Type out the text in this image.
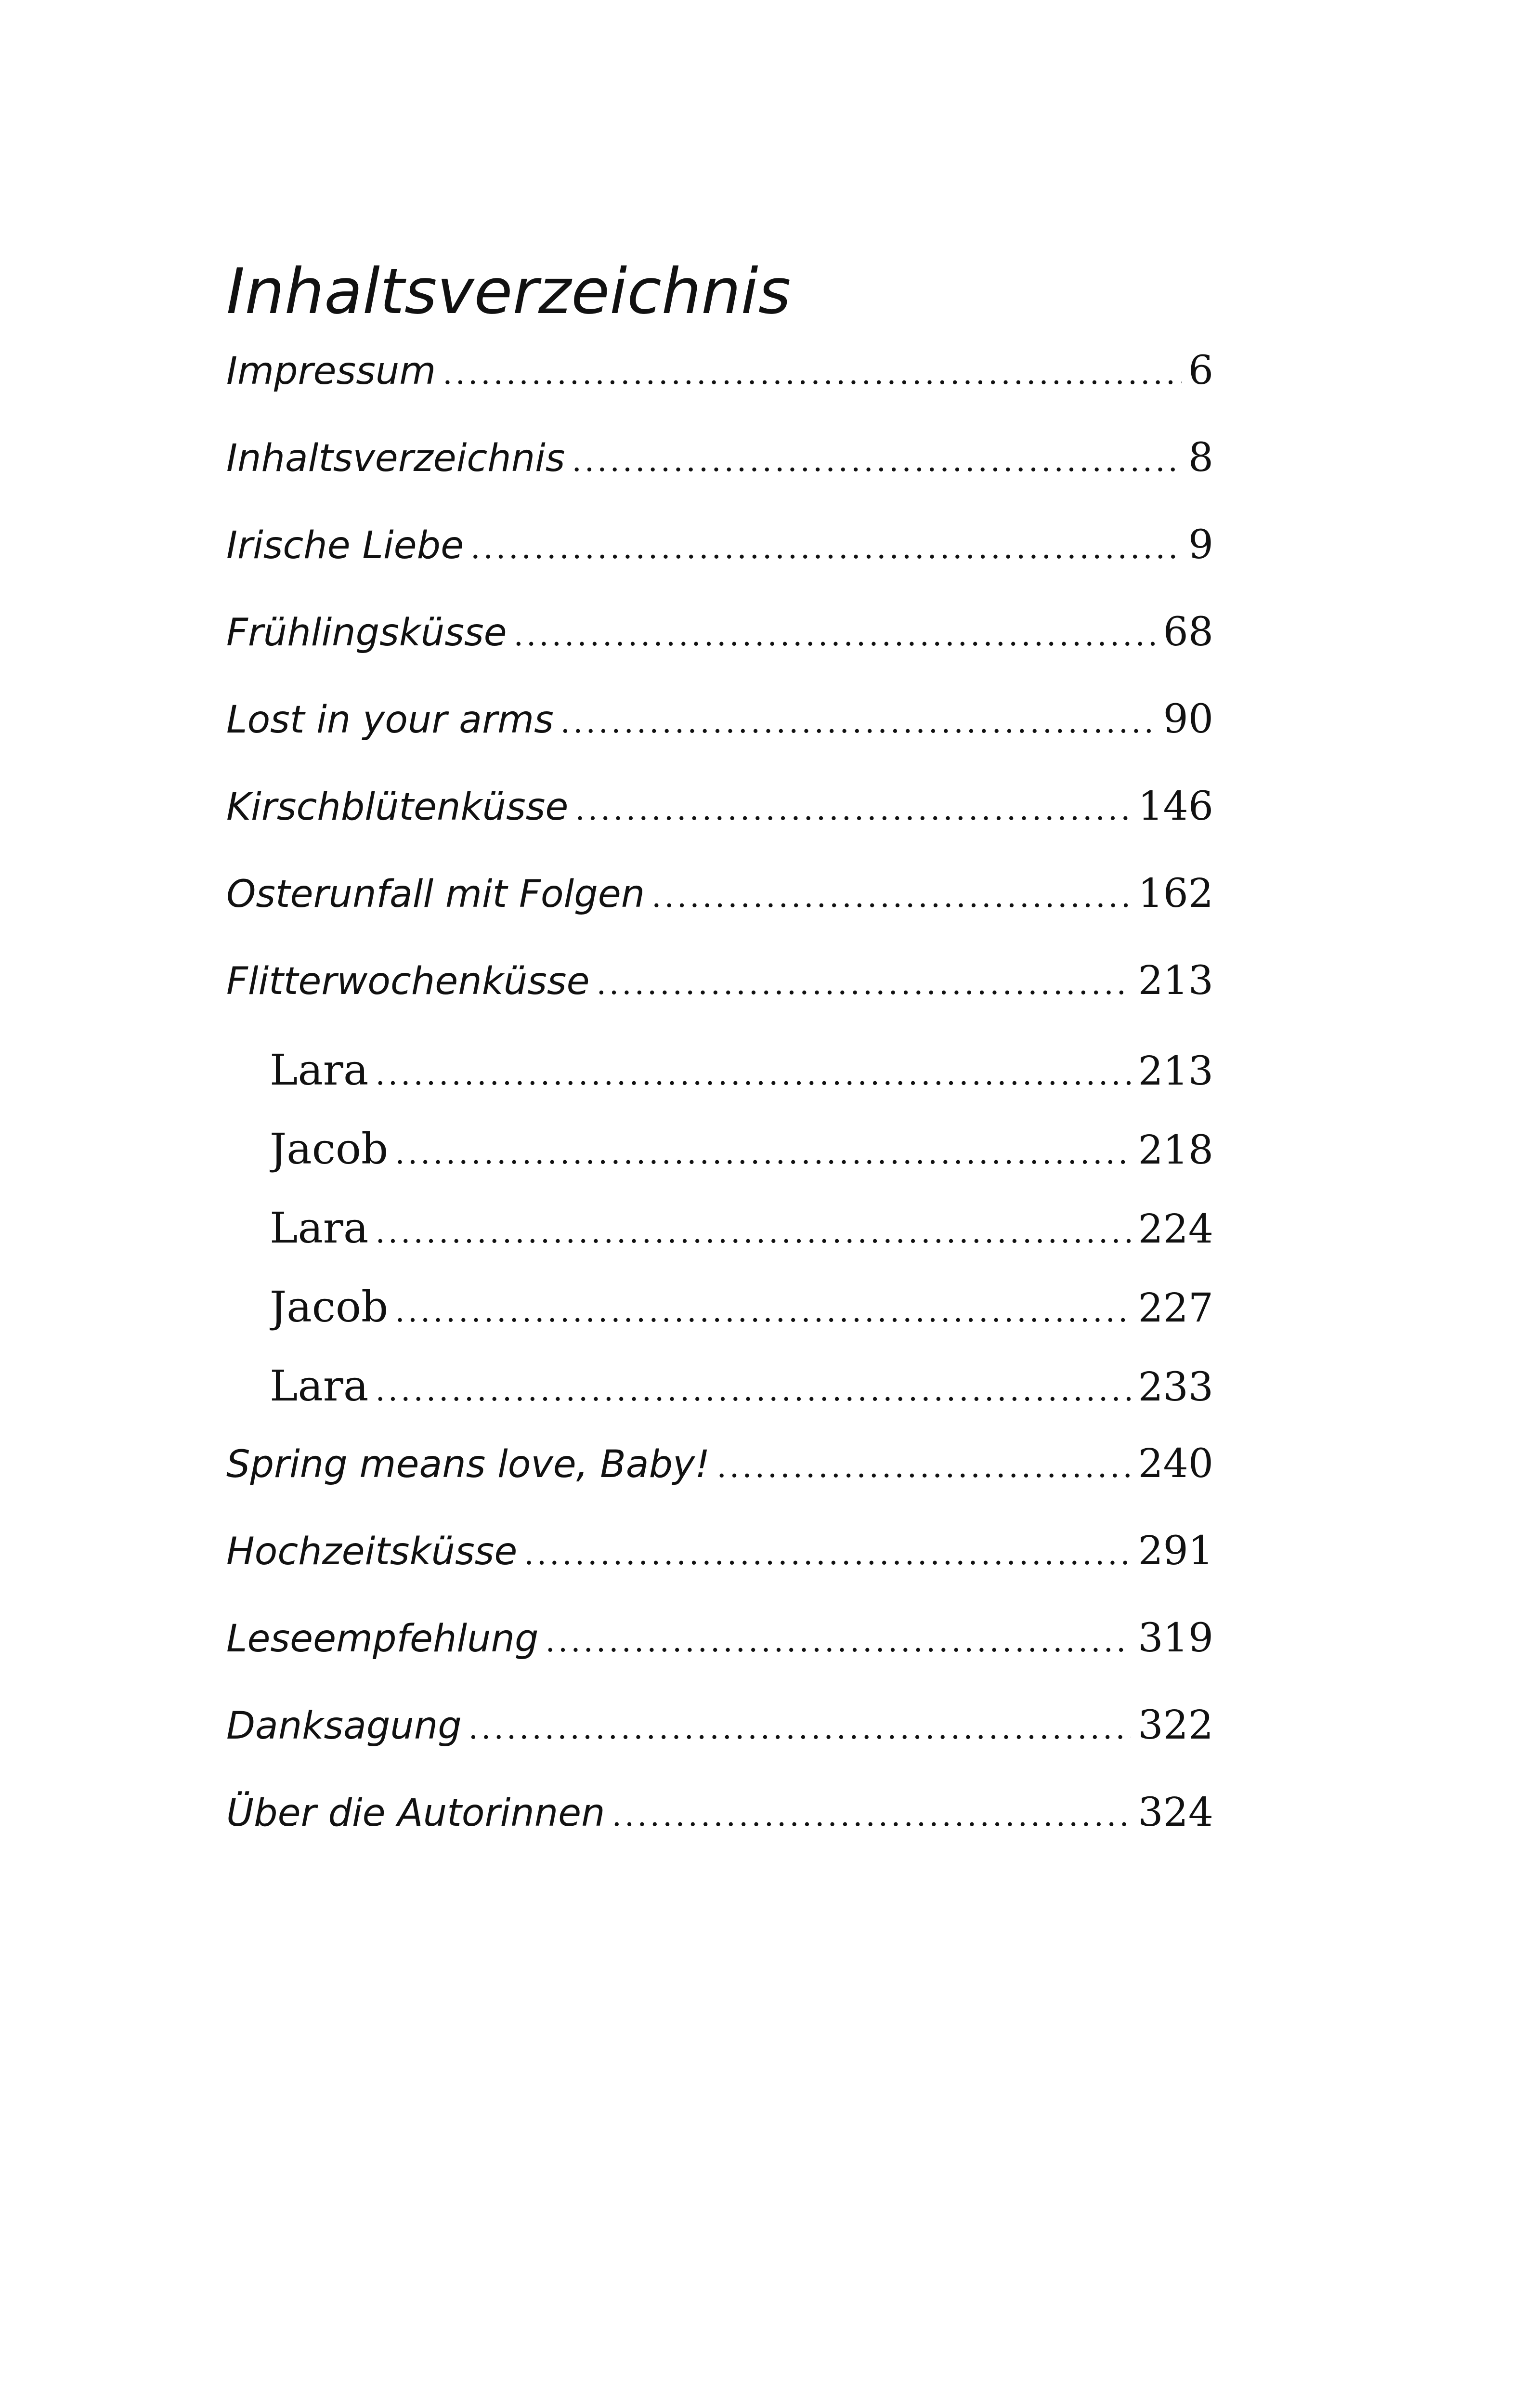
Inhaltsverzeichnis
Impressum .....	6
Inhaltsverzeichnis .....	8
Irische Liebe .....	9
Frühlingsküsse .....	68
Lost in your arms .....	90
Kirschblütenküsse .....	146
Osterunfall mit Folgen .....	162
Flitterwochenküsse .....	213
Lara .....	213
Jacob .....	218
Lara .....	224
Jacob .....	227
Lara .....	233
Spring means love, Baby! .....	240
Hochzeitsküsse .....	291
Leseempfehlung .....	319
Danksagung .....	322
Über die Autorinnen .....	324
